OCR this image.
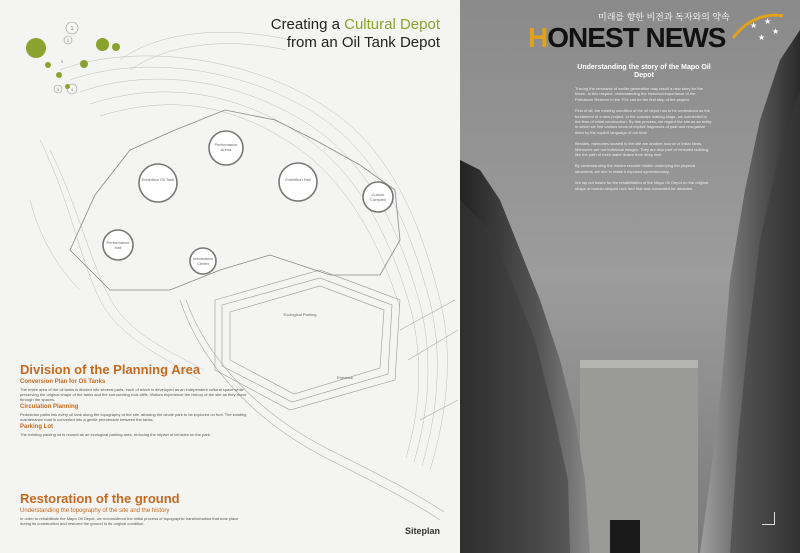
1
2
3	4
5
Performance Arena
Exhibition Oil Tank	Exhibition Hall
Culture Complex
Performance Hall
Information Center
Ecological Parking
Entrance
Creating a Cultural Depot
from an Oil Tank Depot
Division of the Planning Area
Conversion Plan for Oil Tanks

The entire area of the oil tanks is divided into several parts, each of which is developed as an independent cultural space while preserving the original shape of the tanks and the surrounding rock cliffs. Visitors experience the history of the site as they move through the spaces.

Circulation Planning

Pedestrian paths link every oil tank along the topography of the site, allowing the whole park to be explored on foot. The existing maintenance road is converted into a gentle promenade between the tanks.

Parking Lot

The existing parking lot is reused as an ecological parking area, reducing the impact of vehicles on the park.

Restoration of the ground
Understanding the topography of the site and the history

In order to rehabilitate the Mapo Oil Depot, we reconsidered the initial process of topographic transformation that took place during its construction and restored the ground to its original condition.

Siteplan
미래를 향한 비전과 독자와의 약속
HONEST NEWS	★ ★
★
★
Understanding the story of the Mapo Oil Depot

Tracing the remnants of earlier generation may result a new story for the future. In this respect, understanding the historical importance of the Petroleum Reserve in the 70's can be the first step of the project.

First of all, the existing condition of the oil depot has to be understood as the fundament of a new project. In the concept making stage, we connected to the time of initial construction. By this process, we regard the site as an entity in which we find various kinds of implicit fragments of past and reorganize them by the explicit language of our time.

Besides, memories located in the site are another source of initial ideas. Memories are not individual images. They are also part of renewed building, like the path of fresh water drawn from deep well.

By understanding the hidden records hidden underlying the physical structures, we aim to make it exposed synchronously.

We lay out bases for the rehabilitation of the Mapo Oil Depot on the original shape of human-shaped rock bed that was concealed for decades.
